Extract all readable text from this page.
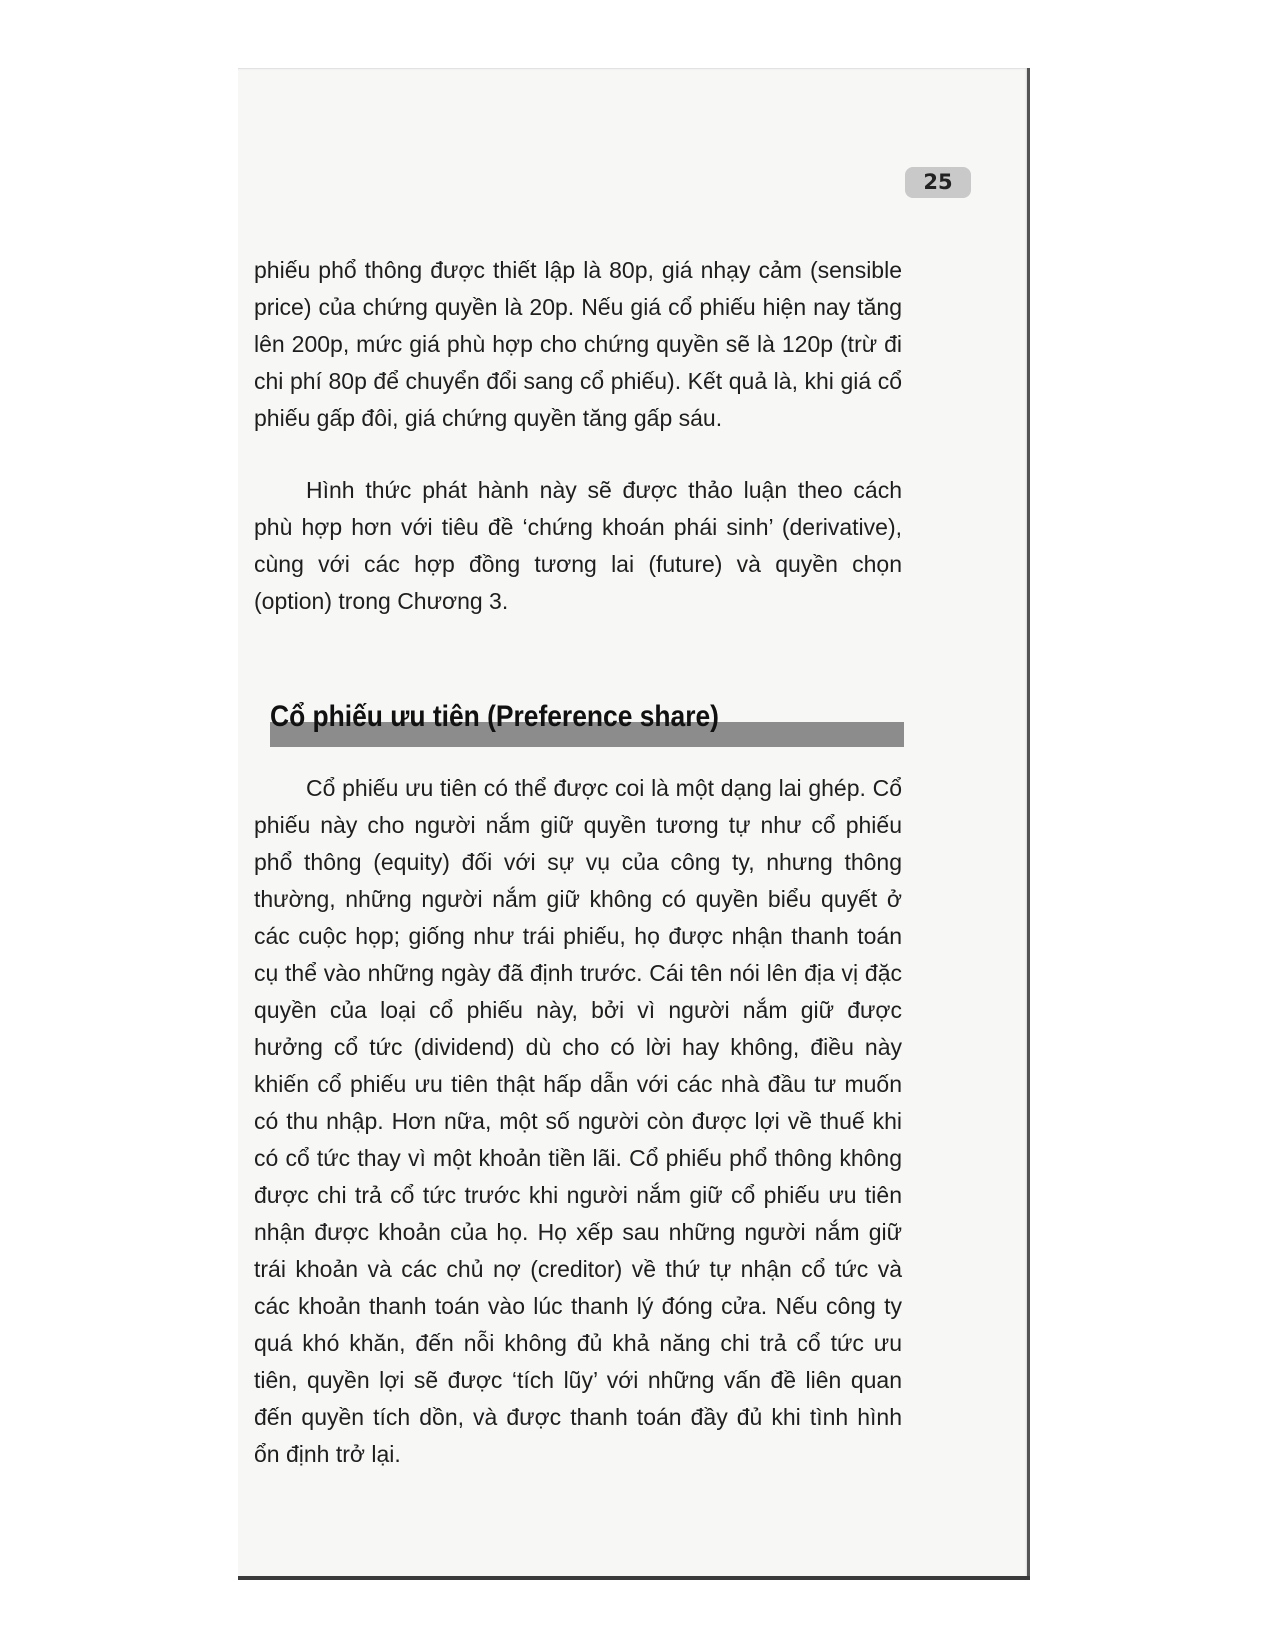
25

phiếu phổ thông được thiết lập là 80p, giá nhạy cảm (sensible price) của chứng quyền là 20p. Nếu giá cổ phiếu hiện nay tăng lên 200p, mức giá phù hợp cho chứng quyền sẽ là 120p (trừ đi chi phí 80p để chuyển đổi sang cổ phiếu). Kết quả là, khi giá cổ phiếu gấp đôi, giá chứng quyền tăng gấp sáu.

Hình thức phát hành này sẽ được thảo luận theo cách phù hợp hơn với tiêu đề ‘chứng khoán phái sinh’ (derivative), cùng với các hợp đồng tương lai (future) và quyền chọn (option) trong Chương 3.

Cổ phiếu ưu tiên (Preference share)

Cổ phiếu ưu tiên có thể được coi là một dạng lai ghép. Cổ phiếu này cho người nắm giữ quyền tương tự như cổ phiếu phổ thông (equity) đối với sự vụ của công ty, nhưng thông thường, những người nắm giữ không có quyền biểu quyết ở các cuộc họp; giống như trái phiếu, họ được nhận thanh toán cụ thể vào những ngày đã định trước. Cái tên nói lên địa vị đặc quyền của loại cổ phiếu này, bởi vì người nắm giữ được hưởng cổ tức (dividend) dù cho có lời hay không, điều này khiến cổ phiếu ưu tiên thật hấp dẫn với các nhà đầu tư muốn có thu nhập. Hơn nữa, một số người còn được lợi về thuế khi có cổ tức thay vì một khoản tiền lãi. Cổ phiếu phổ thông không được chi trả cổ tức trước khi người nắm giữ cổ phiếu ưu tiên nhận được khoản của họ. Họ xếp sau những người nắm giữ trái khoản và các chủ nợ (creditor) về thứ tự nhận cổ tức và các khoản thanh toán vào lúc thanh lý đóng cửa. Nếu công ty quá khó khăn, đến nỗi không đủ khả năng chi trả cổ tức ưu tiên, quyền lợi sẽ được ‘tích lũy’ với những vấn đề liên quan đến quyền tích dồn, và được thanh toán đầy đủ khi tình hình ổn định trở lại.
